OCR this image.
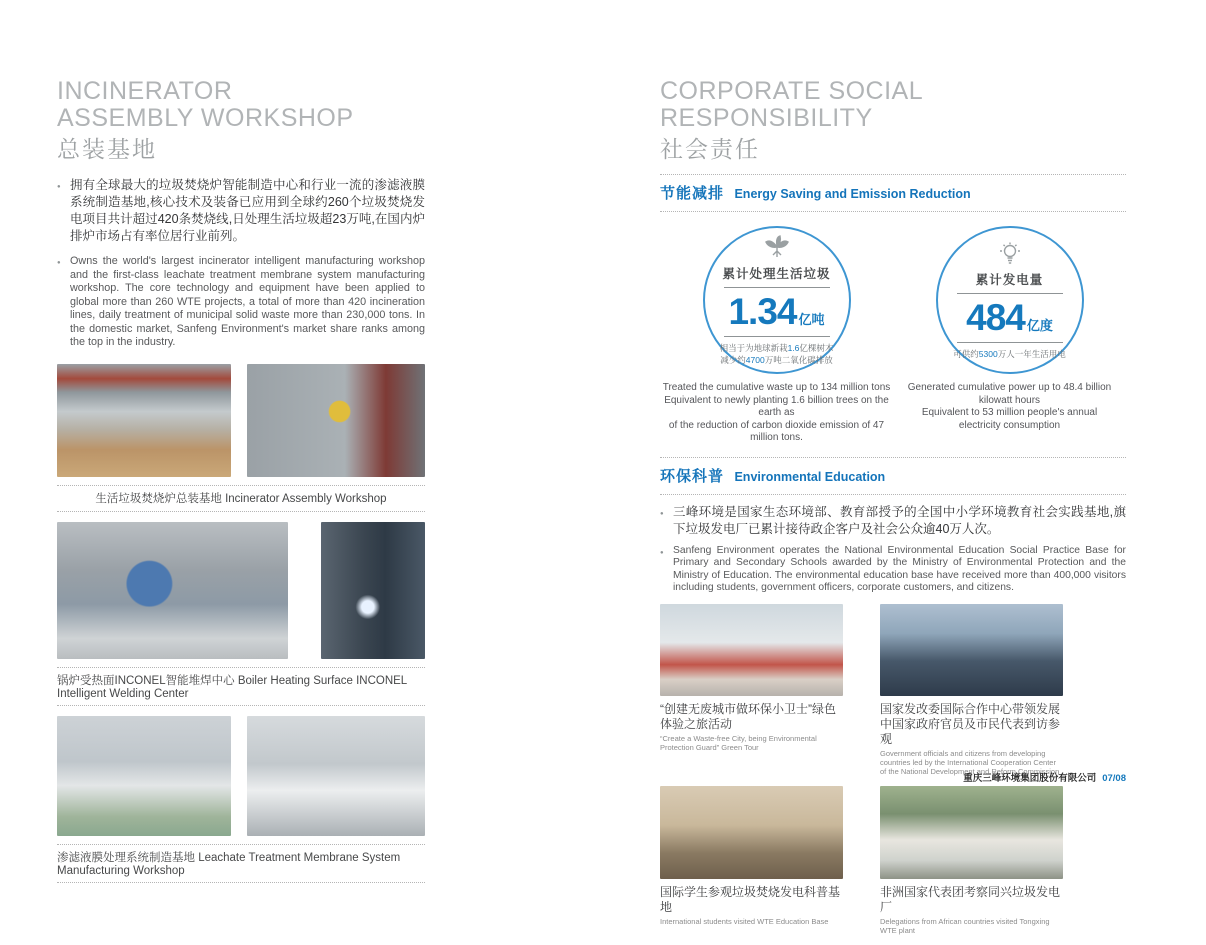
INCINERATOR
ASSEMBLY WORKSHOP
总装基地
● 拥有全球最大的垃圾焚烧炉智能制造中心和行业一流的渗滤液膜系统制造基地,核心技术及装备已应用到全球约260个垃圾焚烧发电项目共计超过420条焚烧线,日处理生活垃圾超23万吨,在国内炉排炉市场占有率位居行业前列。
● Owns the world's largest incinerator intelligent manufacturing workshop and the first-class leachate treatment membrane system manufacturing workshop. The core technology and equipment have been applied to global more than 260 WTE projects, a total of more than 420 incineration lines, daily treatment of municipal solid waste more than 230,000 tons. In the domestic market, Sanfeng Environment's market share ranks among the top in the industry.
生活垃圾焚烧炉总装基地 Incinerator Assembly Workshop
锅炉受热面INCONEL智能堆焊中心 Boiler Heating Surface INCONEL Intelligent Welding Center
渗滤液膜处理系统制造基地 Leachate Treatment Membrane System Manufacturing Workshop
CORPORATE SOCIAL
RESPONSIBILITY
社会责任
节能减排 Energy Saving and Emission Reduction
累计处理生活垃圾
1.34 亿吨
相当于为地球新栽1.6亿棵树木
减少约4700万吨二氧化碳排放
累计发电量
484 亿度
可供约5300万人一年生活用电
Treated the cumulative waste up to 134 million tons
Equivalent to newly planting 1.6 billion trees on the earth as
of the reduction of carbon dioxide emission of 47 million tons.
Generated cumulative power up to 48.4 billion kilowatt hours
Equivalent to 53 million people's annual
electricity consumption
环保科普 Environmental Education
● 三峰环境是国家生态环境部、教育部授予的全国中小学环境教育社会实践基地,旗下垃圾发电厂已累计接待政企客户及社会公众逾40万人次。
● Sanfeng Environment operates the National Environmental Education Social Practice Base for Primary and Secondary Schools awarded by the Ministry of Environmental Protection and the Ministry of Education. The environmental education base have received more than 400,000 visitors including students, government officers, corporate customers, and citizens.
“创建无废城市做环保小卫士”绿色体验之旅活动
“Create a Waste-free City, being Environmental Protection Guard” Green Tour
国家发改委国际合作中心带领发展中国家政府官员及市民代表到访参观
Government officials and citizens from developing countries led by the International Cooperation Center of the National Development and Reform Commission
国际学生参观垃圾焚烧发电科普基地
International students visited WTE Education Base
非洲国家代表团考察同兴垃圾发电厂
Delegations from African countries visited Tongxing WTE plant
重庆三峰环境集团股份有限公司 07/08
